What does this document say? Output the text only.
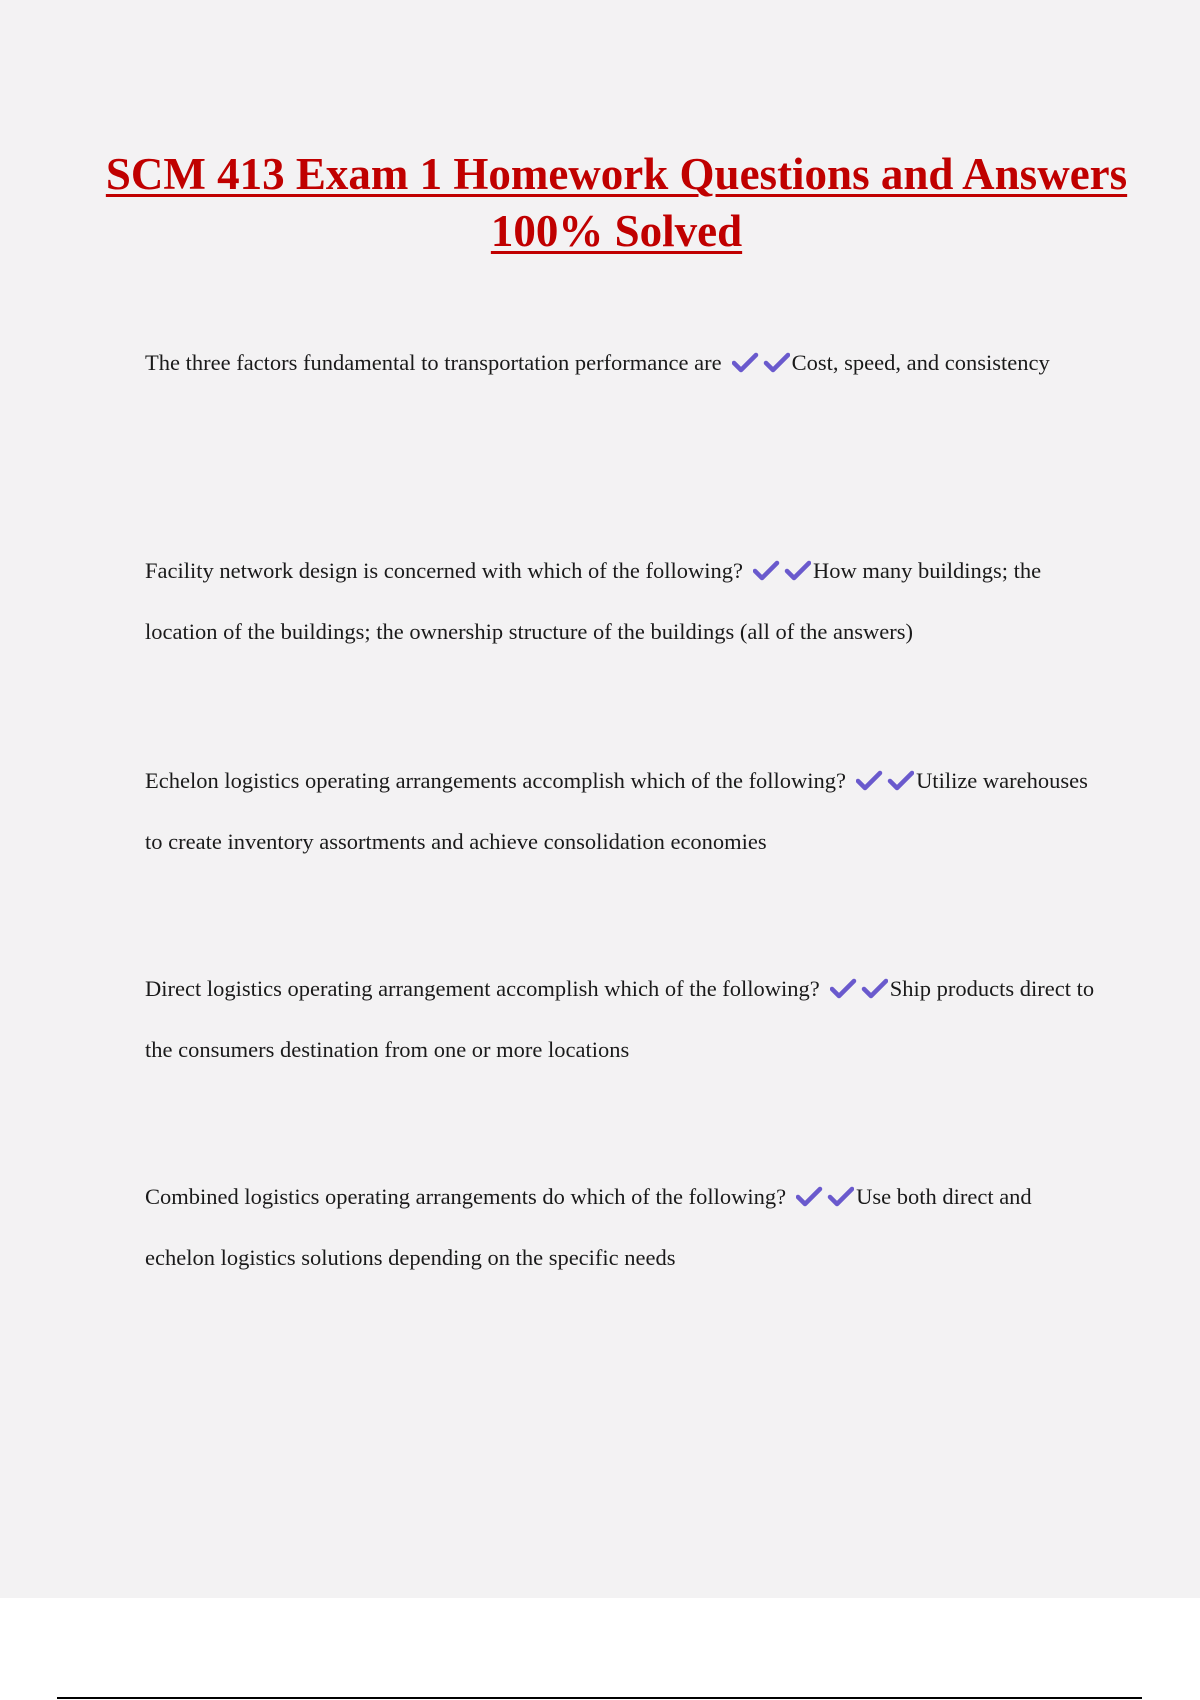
SCM 413 Exam 1 Homework Questions and Answers 100% Solved

The three factors fundamental to transportation performance are	Cost, speed, and consistency

Facility network design is concerned with which of the following?	How many buildings; the location of the buildings; the ownership structure of the buildings (all of the answers)

Echelon logistics operating arrangements accomplish which of the following?	Utilize warehouses to create inventory assortments and achieve consolidation economies

Direct logistics operating arrangement accomplish which of the following?	Ship products direct to the consumers destination from one or more locations

Combined logistics operating arrangements do which of the following?	Use both direct and echelon logistics solutions depending on the specific needs
